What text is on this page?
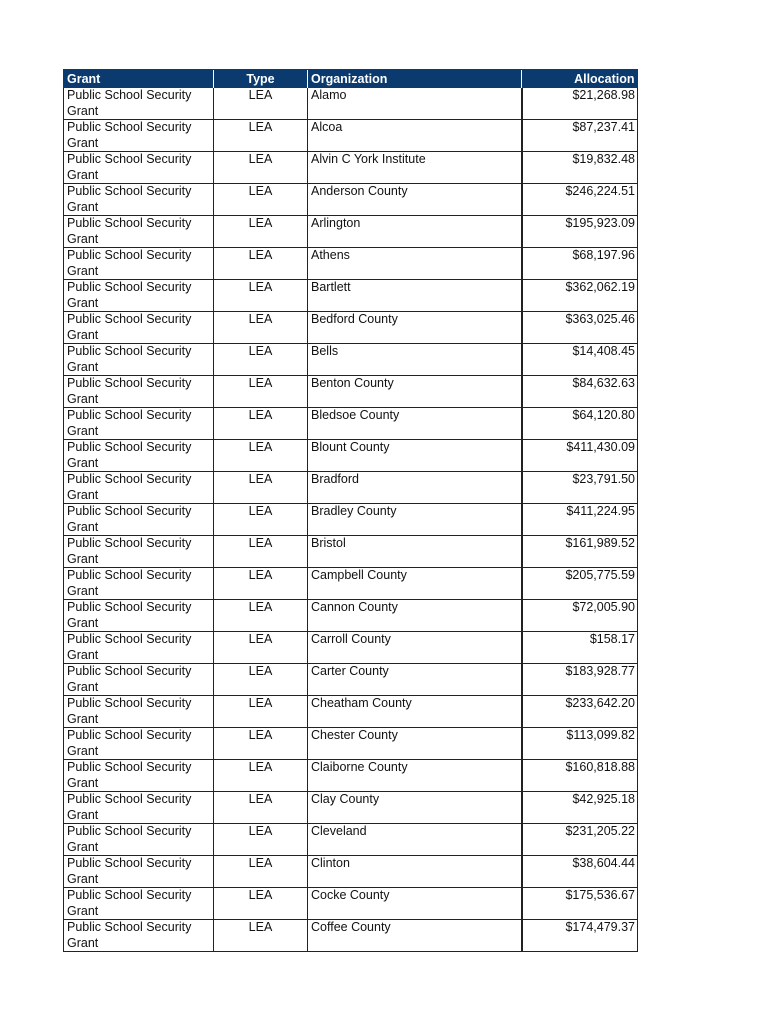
Grant	Type	Organization	Allocation
Public School Security Grant	LEA	Alamo	$21,268.98
Public School Security Grant	LEA	Alcoa	$87,237.41
Public School Security Grant	LEA	Alvin C York Institute	$19,832.48
Public School Security Grant	LEA	Anderson County	$246,224.51
Public School Security Grant	LEA	Arlington	$195,923.09
Public School Security Grant	LEA	Athens	$68,197.96
Public School Security Grant	LEA	Bartlett	$362,062.19
Public School Security Grant	LEA	Bedford County	$363,025.46
Public School Security Grant	LEA	Bells	$14,408.45
Public School Security Grant	LEA	Benton County	$84,632.63
Public School Security Grant	LEA	Bledsoe County	$64,120.80
Public School Security Grant	LEA	Blount County	$411,430.09
Public School Security Grant	LEA	Bradford	$23,791.50
Public School Security Grant	LEA	Bradley County	$411,224.95
Public School Security Grant	LEA	Bristol	$161,989.52
Public School Security Grant	LEA	Campbell County	$205,775.59
Public School Security Grant	LEA	Cannon County	$72,005.90
Public School Security Grant	LEA	Carroll County	$158.17
Public School Security Grant	LEA	Carter County	$183,928.77
Public School Security Grant	LEA	Cheatham County	$233,642.20
Public School Security Grant	LEA	Chester County	$113,099.82
Public School Security Grant	LEA	Claiborne County	$160,818.88
Public School Security Grant	LEA	Clay County	$42,925.18
Public School Security Grant	LEA	Cleveland	$231,205.22
Public School Security Grant	LEA	Clinton	$38,604.44
Public School Security Grant	LEA	Cocke County	$175,536.67
Public School Security Grant	LEA	Coffee County	$174,479.37
